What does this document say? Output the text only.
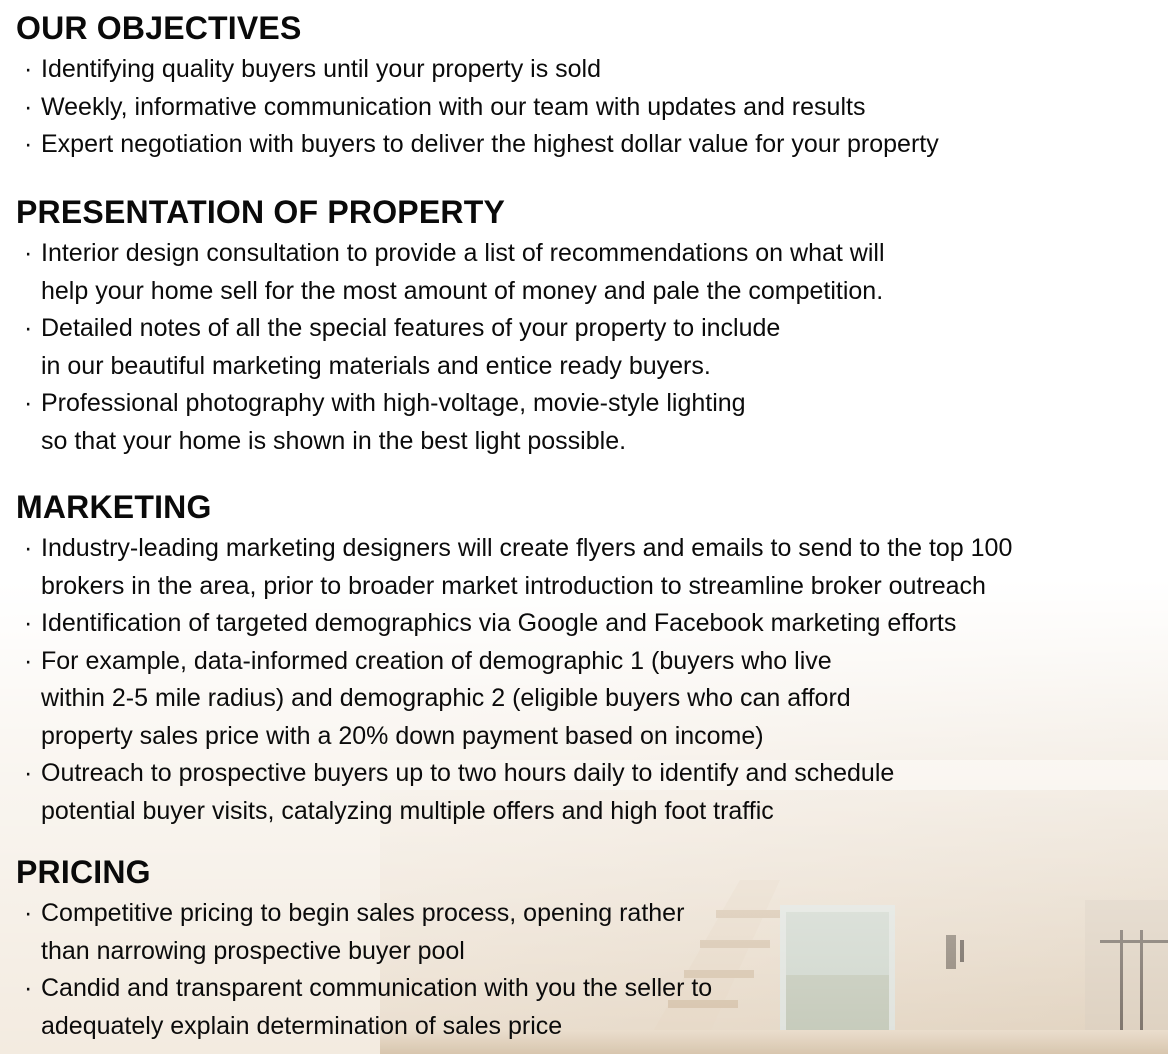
OUR OBJECTIVES
· Identifying quality buyers until your property is sold
· Weekly, informative communication with our team with updates and results
· Expert negotiation with buyers to deliver the highest dollar value for your property
PRESENTATION OF PROPERTY
· Interior design consultation to provide a list of recommendations on what will
help your home sell for the most amount of money and pale the competition.
· Detailed notes of all the special features of your property to include
in our beautiful marketing materials and entice ready buyers.
· Professional photography with high-voltage, movie-style lighting
so that your home is shown in the best light possible.
MARKETING
· Industry-leading marketing designers will create flyers and emails to send to the top 100
brokers in the area, prior to broader market introduction to streamline broker outreach
· Identification of targeted demographics via Google and Facebook marketing efforts
· For example, data-informed creation of demographic 1 (buyers who live
within 2-5 mile radius) and demographic 2 (eligible buyers who can afford
property sales price with a 20% down payment based on income)
· Outreach to prospective buyers up to two hours daily to identify and schedule
potential buyer visits, catalyzing multiple offers and high foot traffic
PRICING
· Competitive pricing to begin sales process, opening rather
than narrowing prospective buyer pool
· Candid and transparent communication with you the seller to
adequately explain determination of sales price
